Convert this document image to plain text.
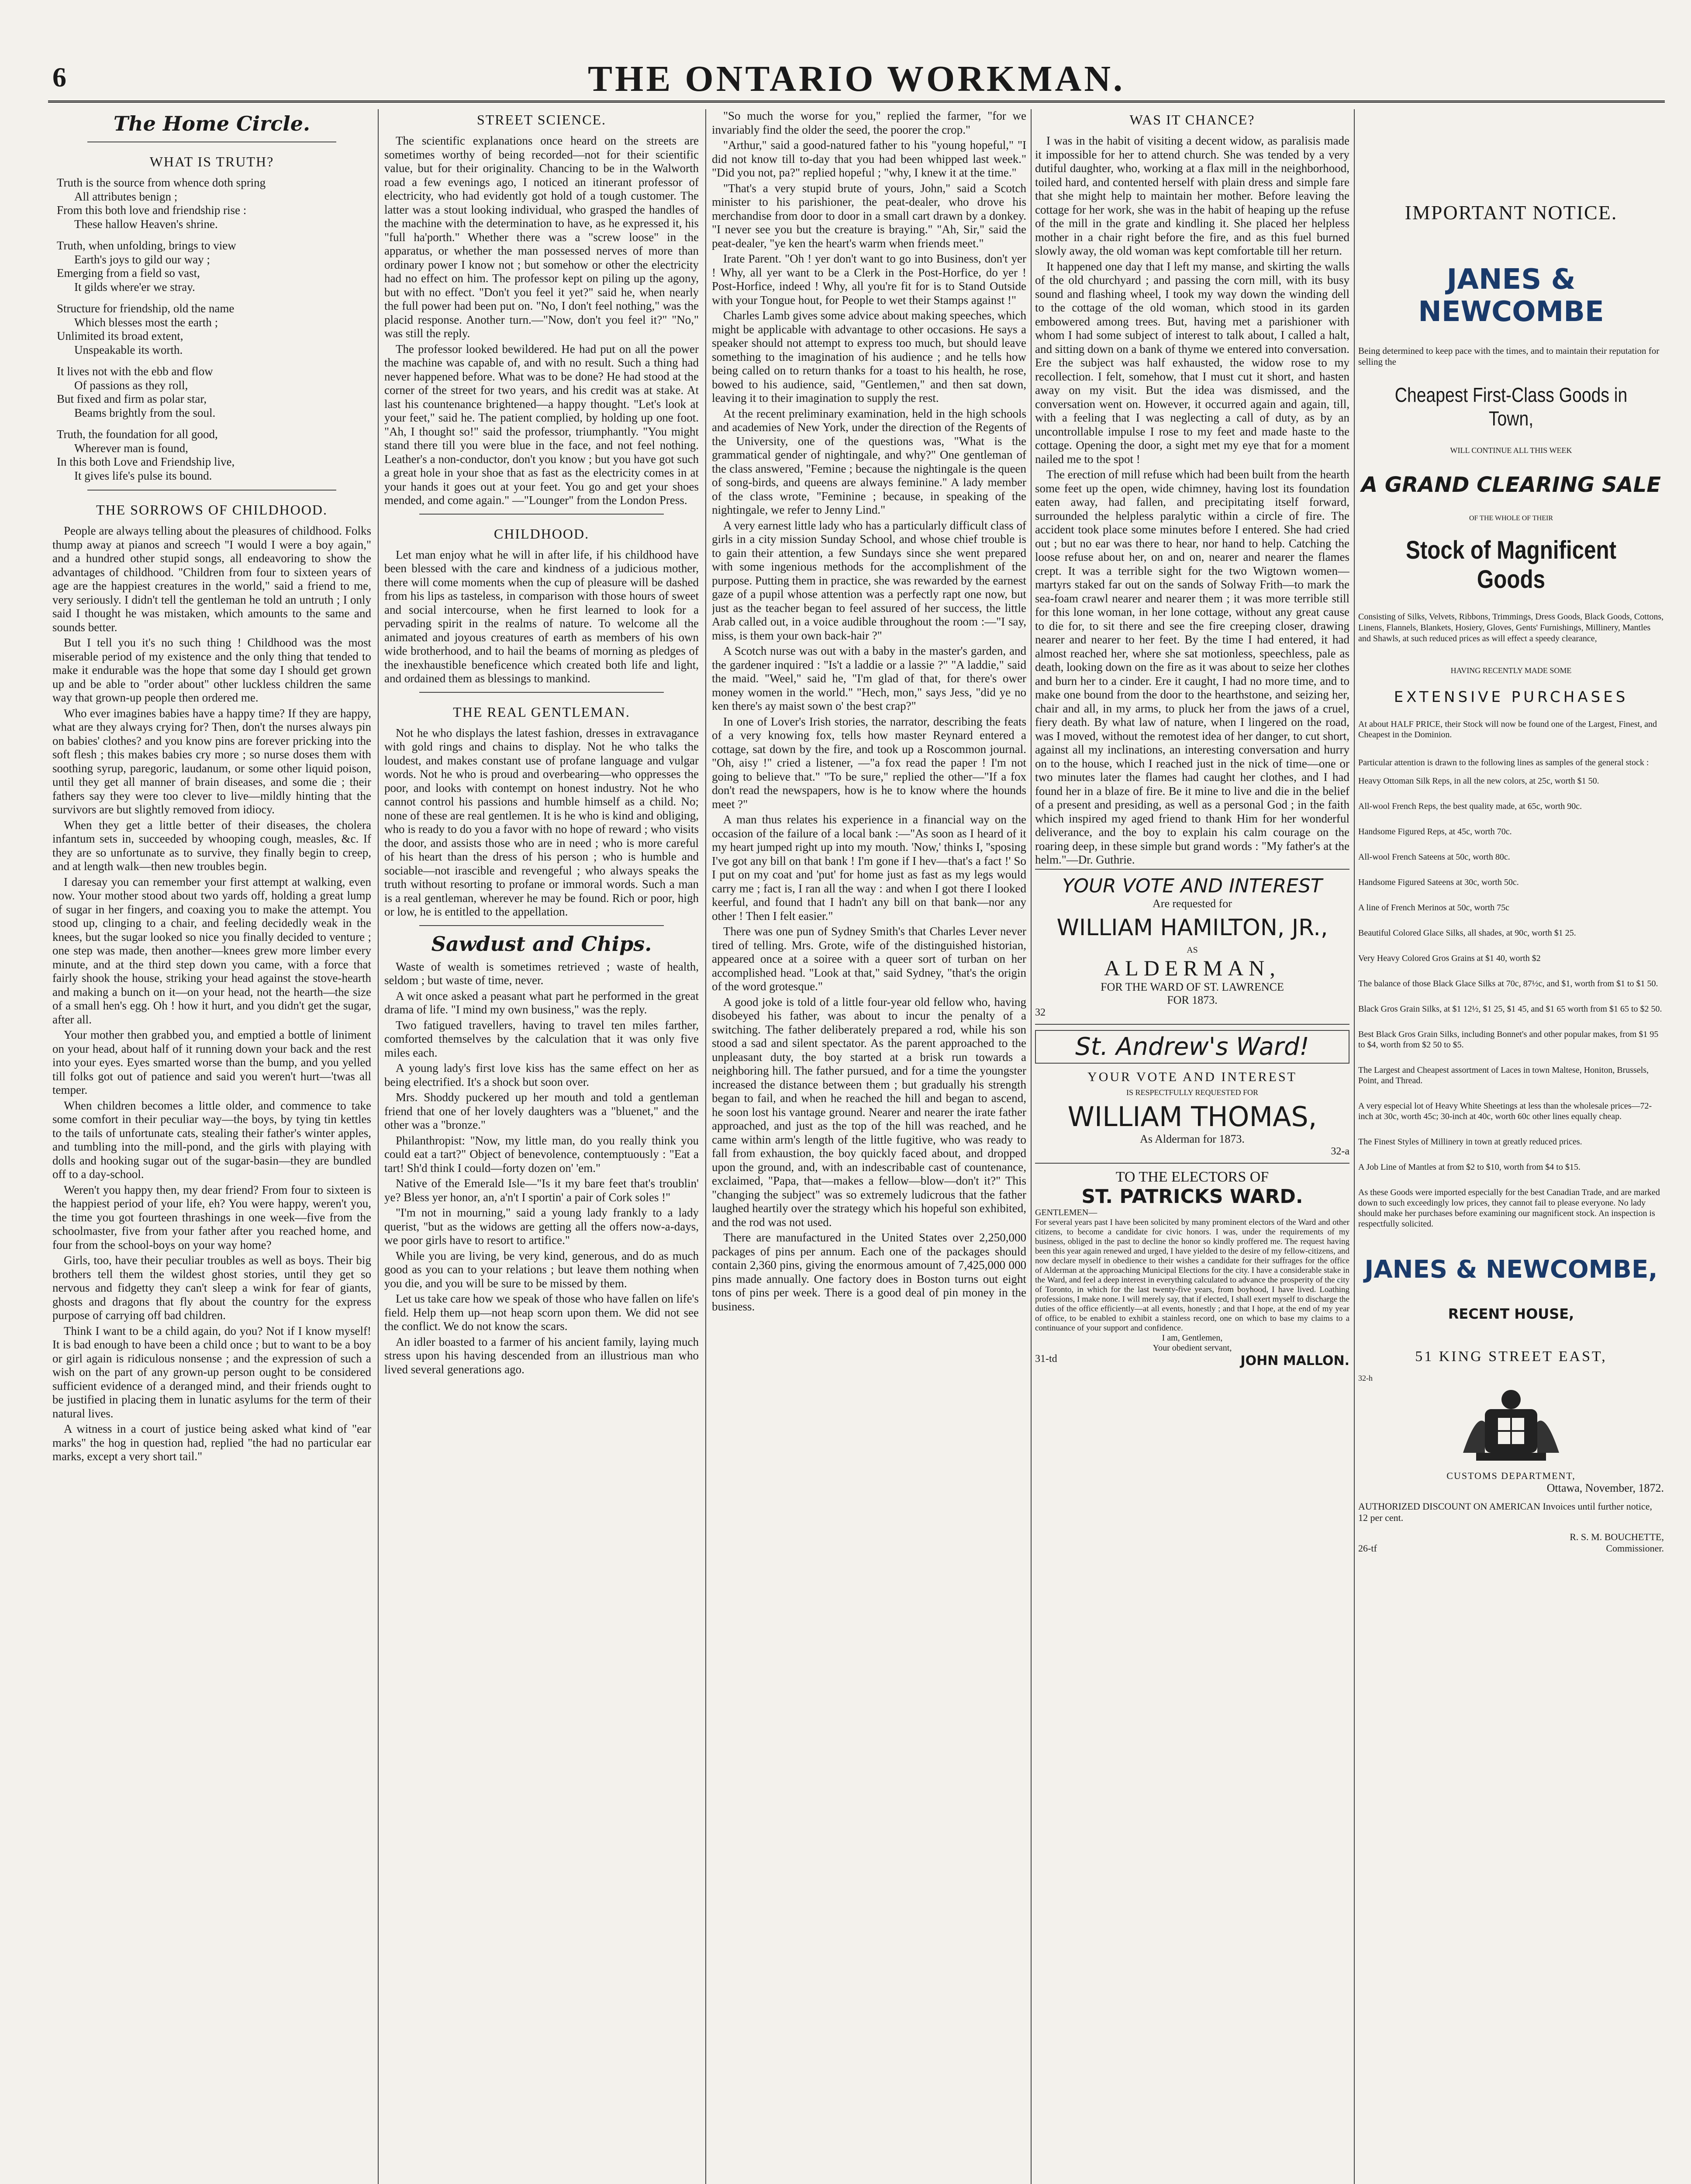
6	THE ONTARIO WORKMAN.
The Home Circle.
WHAT IS TRUTH?
Truth is the source from whence doth spring
All attributes benign ;
From this both love and friendship rise :
These hallow Heaven's shrine.
Truth, when unfolding, brings to view
Earth's joys to gild our way ;
Emerging from a field so vast,
It gilds where'er we stray.
Structure for friendship, old the name
Which blesses most the earth ;
Unlimited its broad extent,
Unspeakable its worth.
It lives not with the ebb and flow
Of passions as they roll,
But fixed and firm as polar star,
Beams brightly from the soul.
Truth, the foundation for all good,
Wherever man is found,
In this both Love and Friendship live,
It gives life's pulse its bound.
THE SORROWS OF CHILDHOOD.

People are always telling about the pleasures of childhood. Folks thump away at pianos and screech "I would I were a boy again," and a hundred other stupid songs, all endeavoring to show the advantages of childhood. "Children from four to sixteen years of age are the happiest creatures in the world," said a friend to me, very seriously. I didn't tell the gentleman he told an untruth ; I only said I thought he was mistaken, which amounts to the same and sounds better.

But I tell you it's no such thing ! Childhood was the most miserable period of my existence and the only thing that tended to make it endurable was the hope that some day I should get grown up and be able to "order about" other luckless children the same way that grown-up people then ordered me.

Who ever imagines babies have a happy time? If they are happy, what are they always crying for? Then, don't the nurses always pin on babies' clothes? and you know pins are forever pricking into the soft flesh ; this makes babies cry more ; so nurse doses them with soothing syrup, paregoric, laudanum, or some other liquid poison, until they get all manner of brain diseases, and some die ; their fathers say they were too clever to live—mildly hinting that the survivors are but slightly removed from idiocy.

When they get a little better of their diseases, the cholera infantum sets in, succeeded by whooping cough, measles, &c. If they are so unfortunate as to survive, they finally begin to creep, and at length walk—then new troubles begin.

I daresay you can remember your first attempt at walking, even now. Your mother stood about two yards off, holding a great lump of sugar in her fingers, and coaxing you to make the attempt. You stood up, clinging to a chair, and feeling decidedly weak in the knees, but the sugar looked so nice you finally decided to venture ; one step was made, then another—knees grew more limber every minute, and at the third step down you came, with a force that fairly shook the house, striking your head against the stove-hearth and making a bunch on it—on your head, not the hearth—the size of a small hen's egg. Oh ! how it hurt, and you didn't get the sugar, after all.

Your mother then grabbed you, and emptied a bottle of liniment on your head, about half of it running down your back and the rest into your eyes. Eyes smarted worse than the bump, and you yelled till folks got out of patience and said you weren't hurt—'twas all temper.

When children becomes a little older, and commence to take some comfort in their peculiar way—the boys, by tying tin kettles to the tails of unfortunate cats, stealing their father's winter apples, and tumbling into the mill-pond, and the girls with playing with dolls and hooking sugar out of the sugar-basin—they are bundled off to a day-school.

Weren't you happy then, my dear friend? From four to sixteen is the happiest period of your life, eh? You were happy, weren't you, the time you got fourteen thrashings in one week—five from the schoolmaster, five from your father after you reached home, and four from the school-boys on your way home?

Girls, too, have their peculiar troubles as well as boys. Their big brothers tell them the wildest ghost stories, until they get so nervous and fidgetty they can't sleep a wink for fear of giants, ghosts and dragons that fly about the country for the express purpose of carrying off bad children.

Think I want to be a child again, do you? Not if I know myself! It is bad enough to have been a child once ; but to want to be a boy or girl again is ridiculous nonsense ; and the expression of such a wish on the part of any grown-up person ought to be considered sufficient evidence of a deranged mind, and their friends ought to be justified in placing them in lunatic asylums for the term of their natural lives.

A witness in a court of justice being asked what kind of "ear marks" the hog in question had, replied "the had no particular ear marks, except a very short tail."

STREET SCIENCE.

The scientific explanations once heard on the streets are sometimes worthy of being recorded—not for their scientific value, but for their originality. Chancing to be in the Walworth road a few evenings ago, I noticed an itinerant professor of electricity, who had evidently got hold of a tough customer. The latter was a stout looking individual, who grasped the handles of the machine with the determination to have, as he expressed it, his "full ha'porth." Whether there was a "screw loose" in the apparatus, or whether the man possessed nerves of more than ordinary power I know not ; but somehow or other the electricity had no effect on him. The professor kept on piling up the agony, but with no effect. "Don't you feel it yet?" said he, when nearly the full power had been put on. "No, I don't feel nothing," was the placid response. Another turn.—"Now, don't you feel it?" "No," was still the reply.

The professor looked bewildered. He had put on all the power the machine was capable of, and with no result. Such a thing had never happened before. What was to be done? He had stood at the corner of the street for two years, and his credit was at stake. At last his countenance brightened—a happy thought. "Let's look at your feet," said he. The patient complied, by holding up one foot. "Ah, I thought so!" said the professor, triumphantly. "You might stand there till you were blue in the face, and not feel nothing. Leather's a non-conductor, don't you know ; but you have got such a great hole in your shoe that as fast as the electricity comes in at your hands it goes out at your feet. You go and get your shoes mended, and come again." —"Lounger" from the London Press.

CHILDHOOD.

Let man enjoy what he will in after life, if his childhood have been blessed with the care and kindness of a judicious mother, there will come moments when the cup of pleasure will be dashed from his lips as tasteless, in comparison with those hours of sweet and social intercourse, when he first learned to look for a pervading spirit in the realms of nature. To welcome all the animated and joyous creatures of earth as members of his own wide brotherhood, and to hail the beams of morning as pledges of the inexhaustible beneficence which created both life and light, and ordained them as blessings to mankind.

THE REAL GENTLEMAN.

Not he who displays the latest fashion, dresses in extravagance with gold rings and chains to display. Not he who talks the loudest, and makes constant use of profane language and vulgar words. Not he who is proud and overbearing—who oppresses the poor, and looks with contempt on honest industry. Not he who cannot control his passions and humble himself as a child. No; none of these are real gentlemen. It is he who is kind and obliging, who is ready to do you a favor with no hope of reward ; who visits the door, and assists those who are in need ; who is more careful of his heart than the dress of his person ; who is humble and sociable—not irascible and revengeful ; who always speaks the truth without resorting to profane or immoral words. Such a man is a real gentleman, wherever he may be found. Rich or poor, high or low, he is entitled to the appellation.

Sawdust and Chips.

Waste of wealth is sometimes retrieved ; waste of health, seldom ; but waste of time, never.

A wit once asked a peasant what part he performed in the great drama of life. "I mind my own business," was the reply.

Two fatigued travellers, having to travel ten miles farther, comforted themselves by the calculation that it was only five miles each.

A young lady's first love kiss has the same effect on her as being electrified. It's a shock but soon over.

Mrs. Shoddy puckered up her mouth and told a gentleman friend that one of her lovely daughters was a "bluenet," and the other was a "bronze."

Philanthropist: "Now, my little man, do you really think you could eat a tart?" Object of benevolence, contemptuously : "Eat a tart! Sh'd think I could—forty dozen on' 'em."

Native of the Emerald Isle—"Is it my bare feet that's troublin' ye? Bless yer honor, an, a'n't I sportin' a pair of Cork soles !"

"I'm not in mourning," said a young lady frankly to a lady querist, "but as the widows are getting all the offers now-a-days, we poor girls have to resort to artifice."

While you are living, be very kind, generous, and do as much good as you can to your relations ; but leave them nothing when you die, and you will be sure to be missed by them.

Let us take care how we speak of those who have fallen on life's field. Help them up—not heap scorn upon them. We did not see the conflict. We do not know the scars.

An idler boasted to a farmer of his ancient family, laying much stress upon his having descended from an illustrious man who lived several generations ago.

"So much the worse for you," replied the farmer, "for we invariably find the older the seed, the poorer the crop."

"Arthur," said a good-natured father to his "young hopeful," "I did not know till to-day that you had been whipped last week." "Did you not, pa?" replied hopeful ; "why, I knew it at the time."

"That's a very stupid brute of yours, John," said a Scotch minister to his parishioner, the peat-dealer, who drove his merchandise from door to door in a small cart drawn by a donkey. "I never see you but the creature is braying." "Ah, Sir," said the peat-dealer, "ye ken the heart's warm when friends meet."

Irate Parent. "Oh ! yer don't want to go into Business, don't yer ! Why, all yer want to be a Clerk in the Post-Horfice, do yer ! Post-Horfice, indeed ! Why, all you're fit for is to Stand Outside with your Tongue hout, for People to wet their Stamps against !"

Charles Lamb gives some advice about making speeches, which might be applicable with advantage to other occasions. He says a speaker should not attempt to express too much, but should leave something to the imagination of his audience ; and he tells how being called on to return thanks for a toast to his health, he rose, bowed to his audience, said, "Gentlemen," and then sat down, leaving it to their imagination to supply the rest.

At the recent preliminary examination, held in the high schools and academies of New York, under the direction of the Regents of the University, one of the questions was, "What is the grammatical gender of nightingale, and why?" One gentleman of the class answered, "Femine ; because the nightingale is the queen of song-birds, and queens are always feminine." A lady member of the class wrote, "Feminine ; because, in speaking of the nightingale, we refer to Jenny Lind."

A very earnest little lady who has a particularly difficult class of girls in a city mission Sunday School, and whose chief trouble is to gain their attention, a few Sundays since she went prepared with some ingenious methods for the accomplishment of the purpose. Putting them in practice, she was rewarded by the earnest gaze of a pupil whose attention was a perfectly rapt one now, but just as the teacher began to feel assured of her success, the little Arab called out, in a voice audible throughout the room :—"I say, miss, is them your own back-hair ?"

A Scotch nurse was out with a baby in the master's garden, and the gardener inquired : "Is't a laddie or a lassie ?" "A laddie," said the maid. "Weel," said he, "I'm glad of that, for there's ower money women in the world." "Hech, mon," says Jess, "did ye no ken there's ay maist sown o' the best crap?"

In one of Lover's Irish stories, the narrator, describing the feats of a very knowing fox, tells how master Reynard entered a cottage, sat down by the fire, and took up a Roscommon journal. "Oh, aisy !" cried a listener, —"a fox read the paper ! I'm not going to believe that." "To be sure," replied the other—"If a fox don't read the newspapers, how is he to know where the hounds meet ?"

A man thus relates his experience in a financial way on the occasion of the failure of a local bank :—"As soon as I heard of it my heart jumped right up into my mouth. 'Now,' thinks I, ''sposing I've got any bill on that bank ! I'm gone if I hev—that's a fact !' So I put on my coat and 'put' for home just as fast as my legs would carry me ; fact is, I ran all the way : and when I got there I looked keerful, and found that I hadn't any bill on that bank—nor any other ! Then I felt easier."

There was one pun of Sydney Smith's that Charles Lever never tired of telling. Mrs. Grote, wife of the distinguished historian, appeared once at a soiree with a queer sort of turban on her accomplished head. "Look at that," said Sydney, "that's the origin of the word grotesque."

A good joke is told of a little four-year old fellow who, having disobeyed his father, was about to incur the penalty of a switching. The father deliberately prepared a rod, while his son stood a sad and silent spectator. As the parent approached to the unpleasant duty, the boy started at a brisk run towards a neighboring hill. The father pursued, and for a time the youngster increased the distance between them ; but gradually his strength began to fail, and when he reached the hill and began to ascend, he soon lost his vantage ground. Nearer and nearer the irate father approached, and just as the top of the hill was reached, and he came within arm's length of the little fugitive, who was ready to fall from exhaustion, the boy quickly faced about, and dropped upon the ground, and, with an indescribable cast of countenance, exclaimed, "Papa, that—makes a fellow—blow—don't it?" This "changing the subject" was so extremely ludicrous that the father laughed heartily over the strategy which his hopeful son exhibited, and the rod was not used.

There are manufactured in the United States over 2,250,000 packages of pins per annum. Each one of the packages should contain 2,360 pins, giving the enormous amount of 7,425,000 000 pins made annually. One factory does in Boston turns out eight tons of pins per week. There is a good deal of pin money in the business.

WAS IT CHANCE?

I was in the habit of visiting a decent widow, as paralisis made it impossible for her to attend church. She was tended by a very dutiful daughter, who, working at a flax mill in the neighborhood, toiled hard, and contented herself with plain dress and simple fare that she might help to maintain her mother. Before leaving the cottage for her work, she was in the habit of heaping up the refuse of the mill in the grate and kindling it. She placed her helpless mother in a chair right before the fire, and as this fuel burned slowly away, the old woman was kept comfortable till her return.

It happened one day that I left my manse, and skirting the walls of the old churchyard ; and passing the corn mill, with its busy sound and flashing wheel, I took my way down the winding dell to the cottage of the old woman, which stood in its garden embowered among trees. But, having met a parishioner with whom I had some subject of interest to talk about, I called a halt, and sitting down on a bank of thyme we entered into conversation. Ere the subject was half exhausted, the widow rose to my recollection. I felt, somehow, that I must cut it short, and hasten away on my visit. But the idea was dismissed, and the conversation went on. However, it occurred again and again, till, with a feeling that I was neglecting a call of duty, as by an uncontrollable impulse I rose to my feet and made haste to the cottage. Opening the door, a sight met my eye that for a moment nailed me to the spot !

The erection of mill refuse which had been built from the hearth some feet up the open, wide chimney, having lost its foundation eaten away, had fallen, and precipitating itself forward, surrounded the helpless paralytic within a circle of fire. The accident took place some minutes before I entered. She had cried out ; but no ear was there to hear, nor hand to help. Catching the loose refuse about her, on and on, nearer and nearer the flames crept. It was a terrible sight for the two Wigtown women—martyrs staked far out on the sands of Solway Frith—to mark the sea-foam crawl nearer and nearer them ; it was more terrible still for this lone woman, in her lone cottage, without any great cause to die for, to sit there and see the fire creeping closer, drawing nearer and nearer to her feet. By the time I had entered, it had almost reached her, where she sat motionless, speechless, pale as death, looking down on the fire as it was about to seize her clothes and burn her to a cinder. Ere it caught, I had no more time, and to make one bound from the door to the hearthstone, and seizing her, chair and all, in my arms, to pluck her from the jaws of a cruel, fiery death. By what law of nature, when I lingered on the road, was I moved, without the remotest idea of her danger, to cut short, against all my inclinations, an interesting conversation and hurry on to the house, which I reached just in the nick of time—one or two minutes later the flames had caught her clothes, and I had found her in a blaze of fire. Be it mine to live and die in the belief of a present and presiding, as well as a personal God ; in the faith which inspired my aged friend to thank Him for her wonderful deliverance, and the boy to explain his calm courage on the roaring deep, in these simple but grand words : "My father's at the helm."—Dr. Guthrie.

YOUR VOTE AND INTEREST
Are requested for
WILLIAM HAMILTON, JR.,
AS
ALDERMAN,
FOR THE WARD OF ST. LAWRENCE
FOR 1873.
32
St. Andrew's Ward!
YOUR VOTE AND INTEREST
IS RESPECTFULLY REQUESTED FOR
WILLIAM THOMAS,
As Alderman for 1873.
32-a
TO THE ELECTORS OF
ST. PATRICKS WARD.
GENTLEMEN—
For several years past I have been solicited by many prominent electors of the Ward and other citizens, to become a candidate for civic honors. I was, under the requirements of my business, obliged in the past to decline the honor so kindly proffered me. The request having been this year again renewed and urged, I have yielded to the desire of my fellow-citizens, and now declare myself in obedience to their wishes a candidate for their suffrages for the office of Alderman at the approaching Municipal Elections for the city. I have a considerable stake in the Ward, and feel a deep interest in everything calculated to advance the prosperity of the city of Toronto, in which for the last twenty-five years, from boyhood, I have lived. Loathing professions, I make none. I will merely say, that if elected, I shall exert myself to discharge the duties of the office efficiently—at all events, honestly ; and that I hope, at the end of my year of office, to be enabled to exhibit a stainless record, one on which to base my claims to a continuance of your support and confidence.
I am, Gentlemen,
Your obedient servant,
31-td	JOHN MALLON.
IMPORTANT NOTICE.
JANES & NEWCOMBE
Being determined to keep pace with the times, and to maintain their reputation for selling the
Cheapest First-Class Goods in Town,
WILL CONTINUE ALL THIS WEEK
A GRAND CLEARING SALE
OF THE WHOLE OF THEIR
Stock of Magnificent Goods
Consisting of Silks, Velvets, Ribbons, Trimmings, Dress Goods, Black Goods, Cottons, Linens, Flannels, Blankets, Hosiery, Gloves, Gents' Furnishings, Millinery, Mantles and Shawls, at such reduced prices as will effect a speedy clearance,
HAVING RECENTLY MADE SOME
EXTENSIVE PURCHASES
At about HALF PRICE, their Stock will now be found one of the Largest, Finest, and Cheapest in the Dominion.
Particular attention is drawn to the following lines as samples of the general stock :
Heavy Ottoman Silk Reps, in all the new colors, at 25c, worth $1 50.
All-wool French Reps, the best quality made, at 65c, worth 90c.
Handsome Figured Reps, at 45c, worth 70c.
All-wool French Sateens at 50c, worth 80c.
Handsome Figured Sateens at 30c, worth 50c.
A line of French Merinos at 50c, worth 75c
Beautiful Colored Glace Silks, all shades, at 90c, worth $1 25.
Very Heavy Colored Gros Grains at $1 40, worth $2
The balance of those Black Glace Silks at 70c, 87½c, and $1, worth from $1 to $1 50.
Black Gros Grain Silks, at $1 12½, $1 25, $1 45, and $1 65 worth from $1 65 to $2 50.
Best Black Gros Grain Silks, including Bonnet's and other popular makes, from $1 95 to $4, worth from $2 50 to $5.
The Largest and Cheapest assortment of Laces in town Maltese, Honiton, Brussels, Point, and Thread.
A very especial lot of Heavy White Sheetings at less than the wholesale prices—72-inch at 30c, worth 45c; 30-inch at 40c, worth 60c other lines equally cheap.
The Finest Styles of Millinery in town at greatly reduced prices.
A Job Line of Mantles at from $2 to $10, worth from $4 to $15.
As these Goods were imported especially for the best Canadian Trade, and are marked down to such exceedingly low prices, they cannot fail to please everyone. No lady should make her purchases before examining our magnificent stock. An inspection is respectfully solicited.
JANES & NEWCOMBE,
RECENT HOUSE,
51 KING STREET EAST,
32-h
CUSTOMS DEPARTMENT,
Ottawa, November, 1872.
AUTHORIZED DISCOUNT ON AMERICAN Invoices until further notice, 12 per cent.
R. S. M. BOUCHETTE,
26-tf	Commissioner.
